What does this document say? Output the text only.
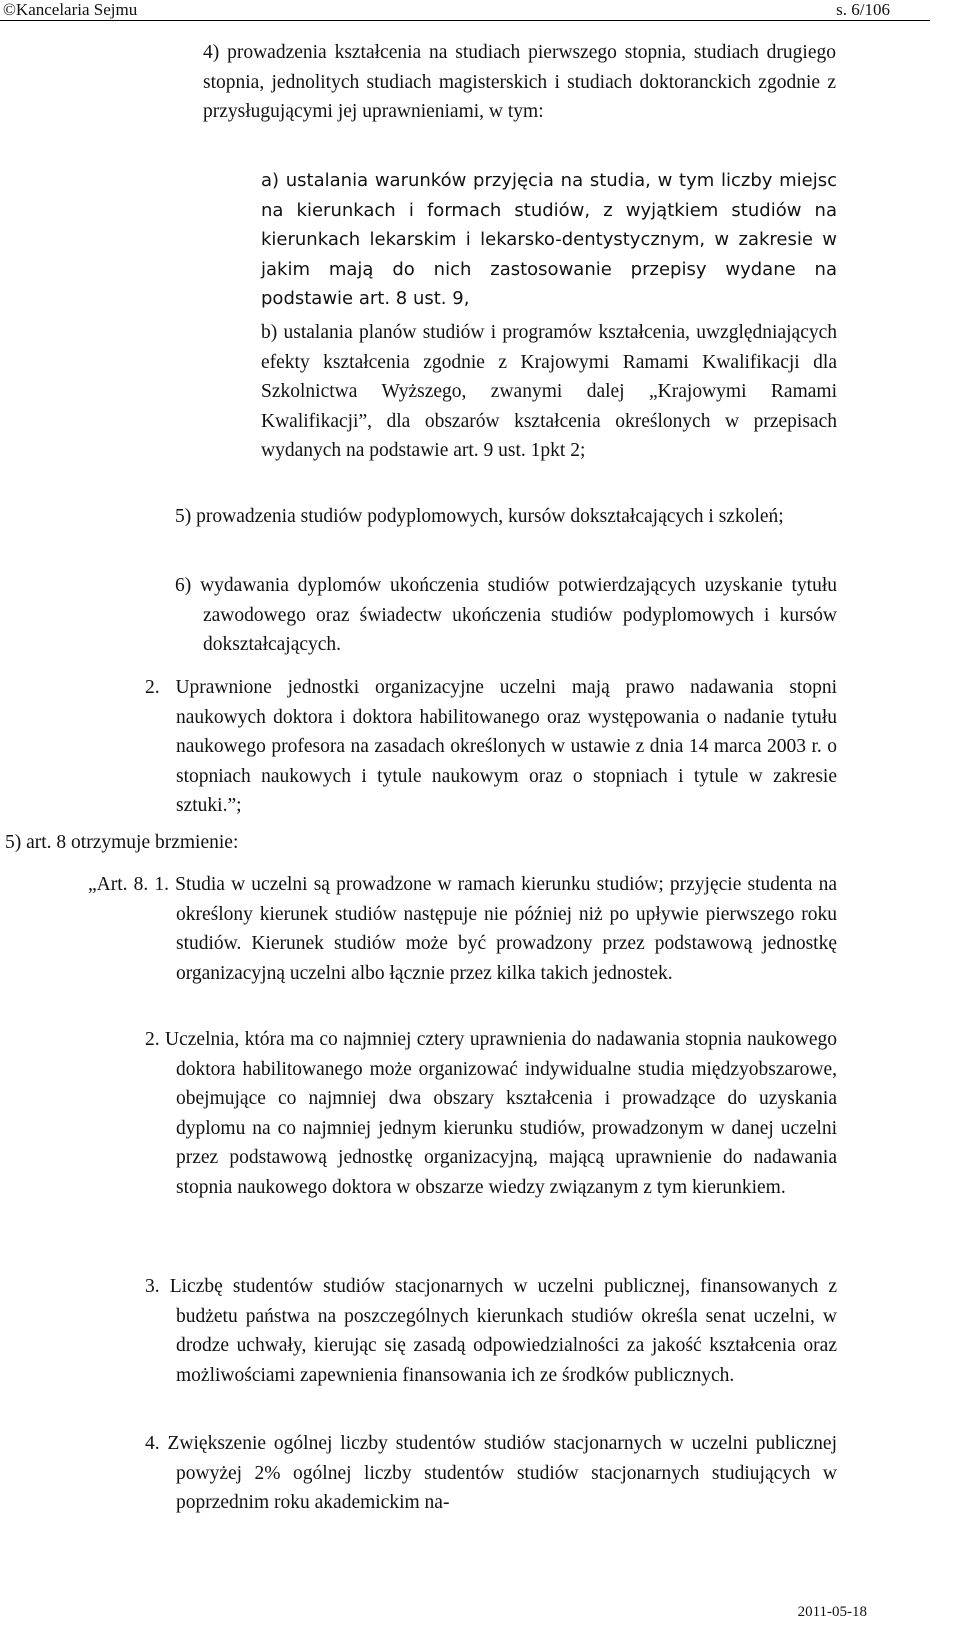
©Kancelaria Sejmu	s. 6/106

4) prowadzenia kształcenia na studiach pierwszego stopnia, studiach drugiego stopnia, jednolitych studiach magisterskich i studiach doktoranckich zgodnie z przysługującymi jej uprawnieniami, w tym:

a) ustalania warunków przyjęcia na studia, w tym liczby miejsc na kierunkach i formach studiów, z wyjątkiem studiów na kierunkach lekarskim i lekarsko-dentystycznym, w zakresie w jakim mają do nich zastosowanie przepisy wydane na podstawie art. 8 ust. 9,

b) ustalania planów studiów i programów kształcenia, uwzględniających efekty kształcenia zgodnie z Krajowymi Ramami Kwalifikacji dla Szkolnictwa Wyższego, zwanymi dalej „Krajowymi Ramami Kwalifikacji”, dla obszarów kształcenia określonych w przepisach wydanych na podstawie art. 9 ust. 1pkt 2;

5) prowadzenia studiów podyplomowych, kursów dokształcających i szkoleń;

6) wydawania dyplomów ukończenia studiów potwierdzających uzyskanie tytułu zawodowego oraz świadectw ukończenia studiów podyplomowych i kursów dokształcających.

2. Uprawnione jednostki organizacyjne uczelni mają prawo nadawania stopni naukowych doktora i doktora habilitowanego oraz występowania o nadanie tytułu naukowego profesora na zasadach określonych w ustawie z dnia 14 marca 2003 r. o stopniach naukowych i tytule naukowym oraz o stopniach i tytule w zakresie sztuki.”;

5) art. 8 otrzymuje brzmienie:

„Art. 8. 1. Studia w uczelni są prowadzone w ramach kierunku studiów; przyjęcie studenta na określony kierunek studiów następuje nie później niż po upływie pierwszego roku studiów. Kierunek studiów może być prowadzony przez podstawową jednostkę organizacyjną uczelni albo łącznie przez kilka takich jednostek.

2. Uczelnia, która ma co najmniej cztery uprawnienia do nadawania stopnia naukowego doktora habilitowanego może organizować indywidualne studia międzyobszarowe, obejmujące co najmniej dwa obszary kształcenia i prowadzące do uzyskania dyplomu na co najmniej jednym kierunku studiów, prowadzonym w danej uczelni przez podstawową jednostkę organizacyjną, mającą uprawnienie do nadawania stopnia naukowego doktora w obszarze wiedzy związanym z tym kierunkiem.

3. Liczbę studentów studiów stacjonarnych w uczelni publicznej, finansowanych z budżetu państwa na poszczególnych kierunkach studiów określa senat uczelni, w drodze uchwały, kierując się zasadą odpowiedzialności za jakość kształcenia oraz możliwościami zapewnienia finansowania ich ze środków publicznych.

4. Zwiększenie ogólnej liczby studentów studiów stacjonarnych w uczelni publicznej powyżej 2% ogólnej liczby studentów studiów stacjonarnych studiujących w poprzednim roku akademickim na-

2011-05-18
